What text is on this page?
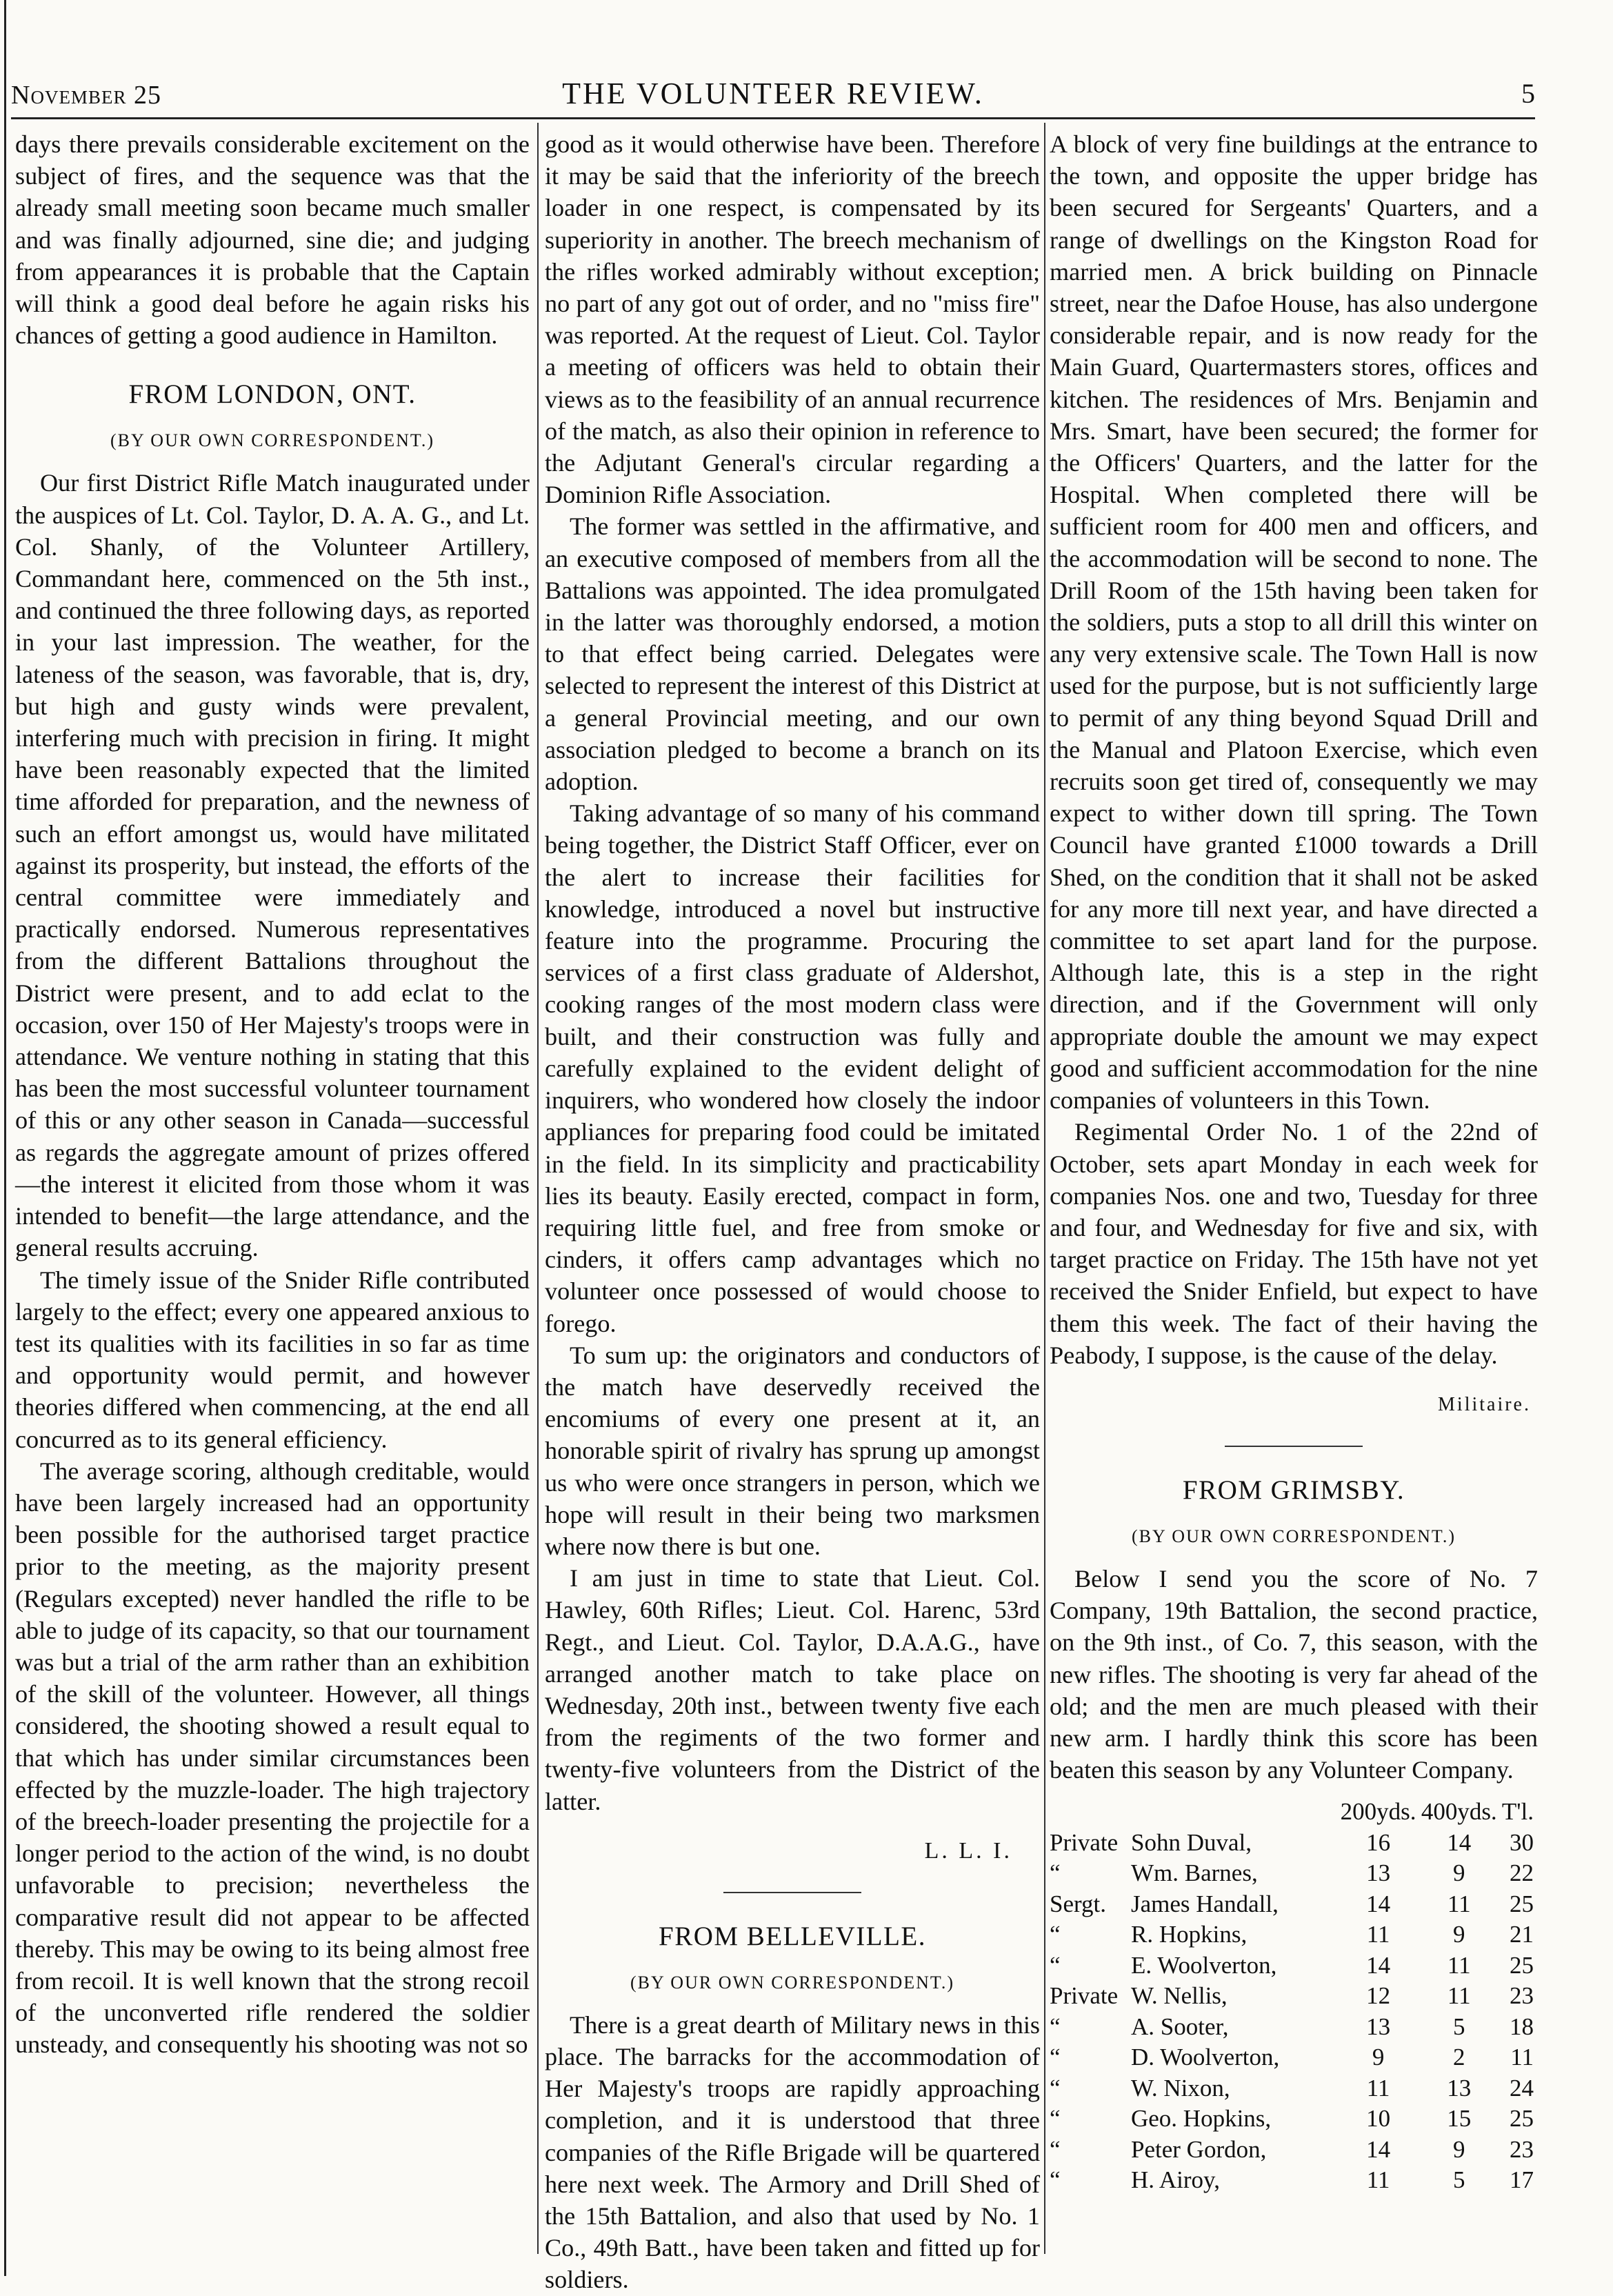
November 25	THE VOLUNTEER REVIEW.	5

days there prevails considerable excitement on the subject of fires, and the sequence was that the already small meeting soon became much smaller and was finally adjourned, sine die; and judging from appearances it is probable that the Captain will think a good deal before he again risks his chances of getting a good audience in Hamilton.

FROM LONDON, ONT.
(BY OUR OWN CORRESPONDENT.)

Our first District Rifle Match inaugurated under the auspices of Lt. Col. Taylor, D. A. A. G., and Lt. Col. Shanly, of the Volunteer Artillery, Commandant here, commenced on the 5th inst., and continued the three following days, as reported in your last impression. The weather, for the lateness of the season, was favorable, that is, dry, but high and gusty winds were prevalent, interfering much with precision in firing. It might have been reasonably expected that the limited time afforded for preparation, and the newness of such an effort amongst us, would have militated against its prosperity, but instead, the efforts of the central committee were immediately and practically endorsed. Numerous representatives from the different Battalions throughout the District were present, and to add eclat to the occasion, over 150 of Her Majesty's troops were in attendance. We venture nothing in stating that this has been the most successful volunteer tournament of this or any other season in Canada—successful as regards the aggregate amount of prizes offered—the interest it elicited from those whom it was intended to benefit—the large attendance, and the general results accruing.

The timely issue of the Snider Rifle contributed largely to the effect; every one appeared anxious to test its qualities with its facilities in so far as time and opportunity would permit, and however theories differed when commencing, at the end all concurred as to its general efficiency.

The average scoring, although creditable, would have been largely increased had an opportunity been possible for the authorised target practice prior to the meeting, as the majority present (Regulars excepted) never handled the rifle to be able to judge of its capacity, so that our tournament was but a trial of the arm rather than an exhibition of the skill of the volunteer. However, all things considered, the shooting showed a result equal to that which has under similar circumstances been effected by the muzzle-loader. The high trajectory of the breech-loader presenting the projectile for a longer period to the action of the wind, is no doubt unfavorable to precision; nevertheless the comparative result did not appear to be affected thereby. This may be owing to its being almost free from recoil. It is well known that the strong recoil of the unconverted rifle rendered the soldier unsteady, and consequently his shooting was not so

good as it would otherwise have been. Therefore it may be said that the inferiority of the breech loader in one respect, is compensated by its superiority in another. The breech mechanism of the rifles worked admirably without exception; no part of any got out of order, and no "miss fire" was reported. At the request of Lieut. Col. Taylor a meeting of officers was held to obtain their views as to the feasibility of an annual recurrence of the match, as also their opinion in reference to the Adjutant General's circular regarding a Dominion Rifle Association.

The former was settled in the affirmative, and an executive composed of members from all the Battalions was appointed. The idea promulgated in the latter was thoroughly endorsed, a motion to that effect being carried. Delegates were selected to represent the interest of this District at a general Provincial meeting, and our own association pledged to become a branch on its adoption.

Taking advantage of so many of his command being together, the District Staff Officer, ever on the alert to increase their facilities for knowledge, introduced a novel but instructive feature into the programme. Procuring the services of a first class graduate of Aldershot, cooking ranges of the most modern class were built, and their construction was fully and carefully explained to the evident delight of inquirers, who wondered how closely the indoor appliances for preparing food could be imitated in the field. In its simplicity and practicability lies its beauty. Easily erected, compact in form, requiring little fuel, and free from smoke or cinders, it offers camp advantages which no volunteer once possessed of would choose to forego.

To sum up: the originators and conductors of the match have deservedly received the encomiums of every one present at it, an honorable spirit of rivalry has sprung up amongst us who were once strangers in person, which we hope will result in their being two marksmen where now there is but one.

I am just in time to state that Lieut. Col. Hawley, 60th Rifles; Lieut. Col. Harenc, 53rd Regt., and Lieut. Col. Taylor, D.A.A.G., have arranged another match to take place on Wednesday, 20th inst., between twenty five each from the regiments of the two former and twenty-five volunteers from the District of the latter.

L. L. I.
FROM BELLEVILLE.
(BY OUR OWN CORRESPONDENT.)

There is a great dearth of Military news in this place. The barracks for the accommodation of Her Majesty's troops are rapidly approaching completion, and it is understood that three companies of the Rifle Brigade will be quartered here next week. The Armory and Drill Shed of the 15th Battalion, and also that used by No. 1 Co., 49th Batt., have been taken and fitted up for soldiers.

A block of very fine buildings at the entrance to the town, and opposite the upper bridge has been secured for Sergeants' Quarters, and a range of dwellings on the Kingston Road for married men. A brick building on Pinnacle street, near the Dafoe House, has also undergone considerable repair, and is now ready for the Main Guard, Quartermasters stores, offices and kitchen. The residences of Mrs. Benjamin and Mrs. Smart, have been secured; the former for the Officers' Quarters, and the latter for the Hospital. When completed there will be sufficient room for 400 men and officers, and the accommodation will be second to none. The Drill Room of the 15th having been taken for the soldiers, puts a stop to all drill this winter on any very extensive scale. The Town Hall is now used for the purpose, but is not sufficiently large to permit of any thing beyond Squad Drill and the Manual and Platoon Exercise, which even recruits soon get tired of, consequently we may expect to wither down till spring. The Town Council have granted £1000 towards a Drill Shed, on the condition that it shall not be asked for any more till next year, and have directed a committee to set apart land for the purpose. Although late, this is a step in the right direction, and if the Government will only appropriate double the amount we may expect good and sufficient accommodation for the nine companies of volunteers in this Town.

Regimental Order No. 1 of the 22nd of October, sets apart Monday in each week for companies Nos. one and two, Tuesday for three and four, and Wednesday for five and six, with target practice on Friday. The 15th have not yet received the Snider Enfield, but expect to have them this week. The fact of their having the Peabody, I suppose, is the cause of the delay.

Militaire.
FROM GRIMSBY.
(BY OUR OWN CORRESPONDENT.)

Below I send you the score of No. 7 Company, 19th Battalion, the second practice, on the 9th inst., of Co. 7, this season, with the new rifles. The shooting is very far ahead of the old; and the men are much pleased with their new arm. I hardly think this score has been beaten this season by any Volunteer Company.

		200yds.	400yds.	T'l.
Private	Sohn Duval,	16	14	30
“	Wm. Barnes,	13	9	22
Sergt.	James Handall,	14	11	25
“	R. Hopkins,	11	9	21
“	E. Woolverton,	14	11	25
Private	W. Nellis,	12	11	23
“	A. Sooter,	13	5	18
“	D. Woolverton,	9	2	11
“	W. Nixon,	11	13	24
“	Geo. Hopkins,	10	15	25
“	Peter Gordon,	14	9	23
“	H. Airoy,	11	5	17
